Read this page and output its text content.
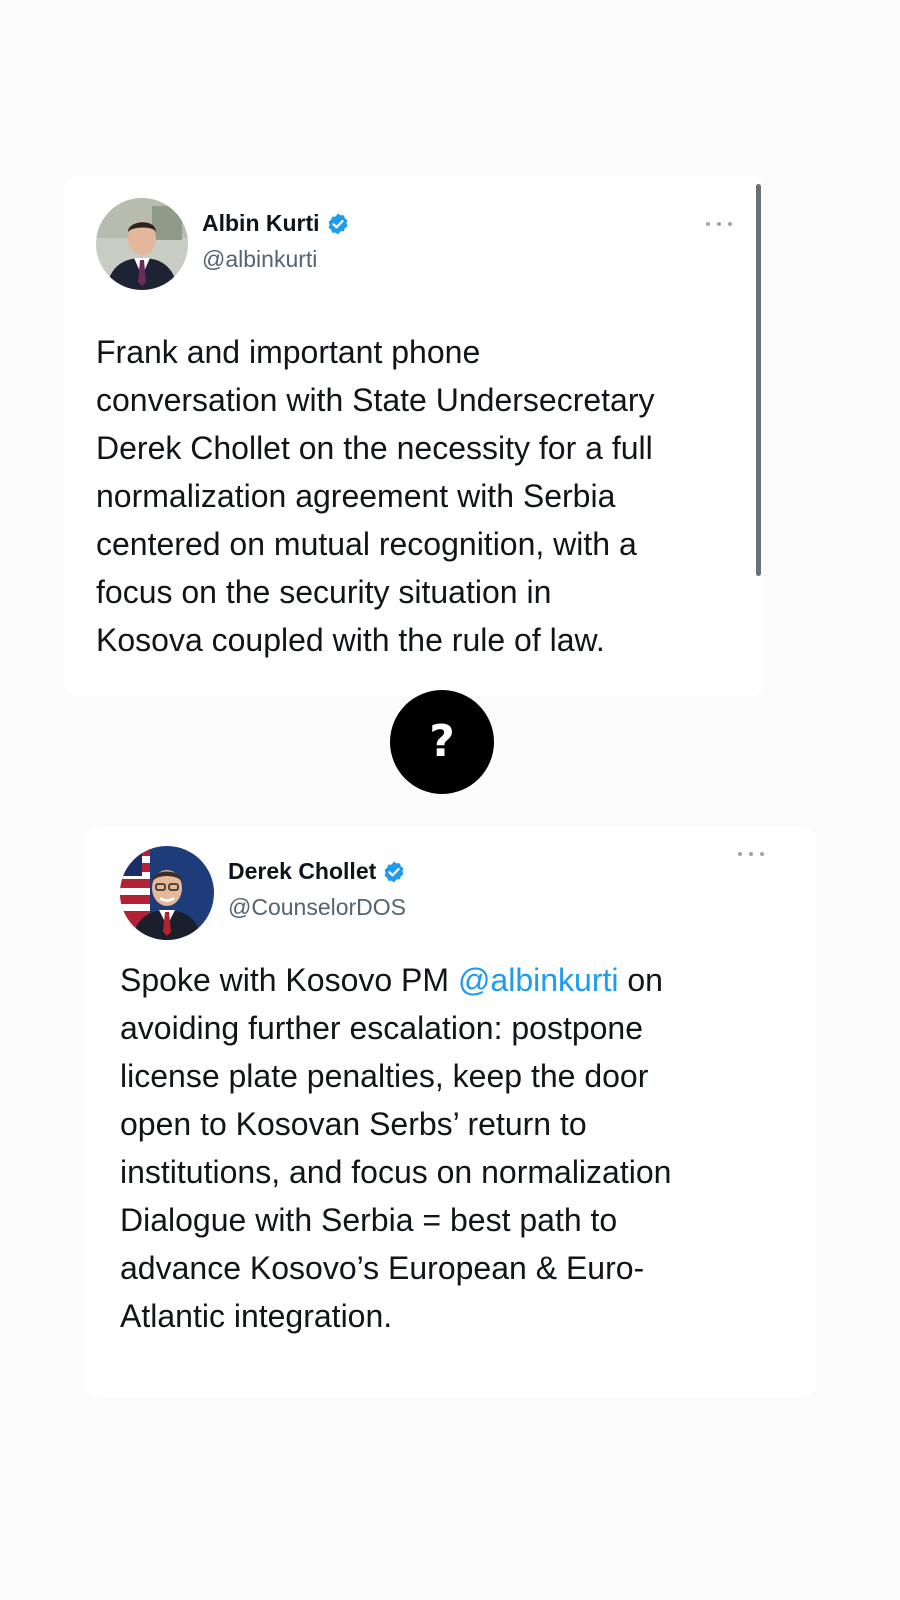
Albin Kurti
@albinkurti
Frank and important phone
conversation with State Undersecretary
Derek Chollet on the necessity for a full
normalization agreement with Serbia
centered on mutual recognition, with a
focus on the security situation in
Kosova coupled with the rule of law.
?
Derek Chollet
@CounselorDOS
Spoke with Kosovo PM @albinkurti on
avoiding further escalation: postpone
license plate penalties, keep the door
open to Kosovan Serbs’ return to
institutions, and focus on normalization
Dialogue with Serbia = best path to
advance Kosovo’s European & Euro-
Atlantic integration.
